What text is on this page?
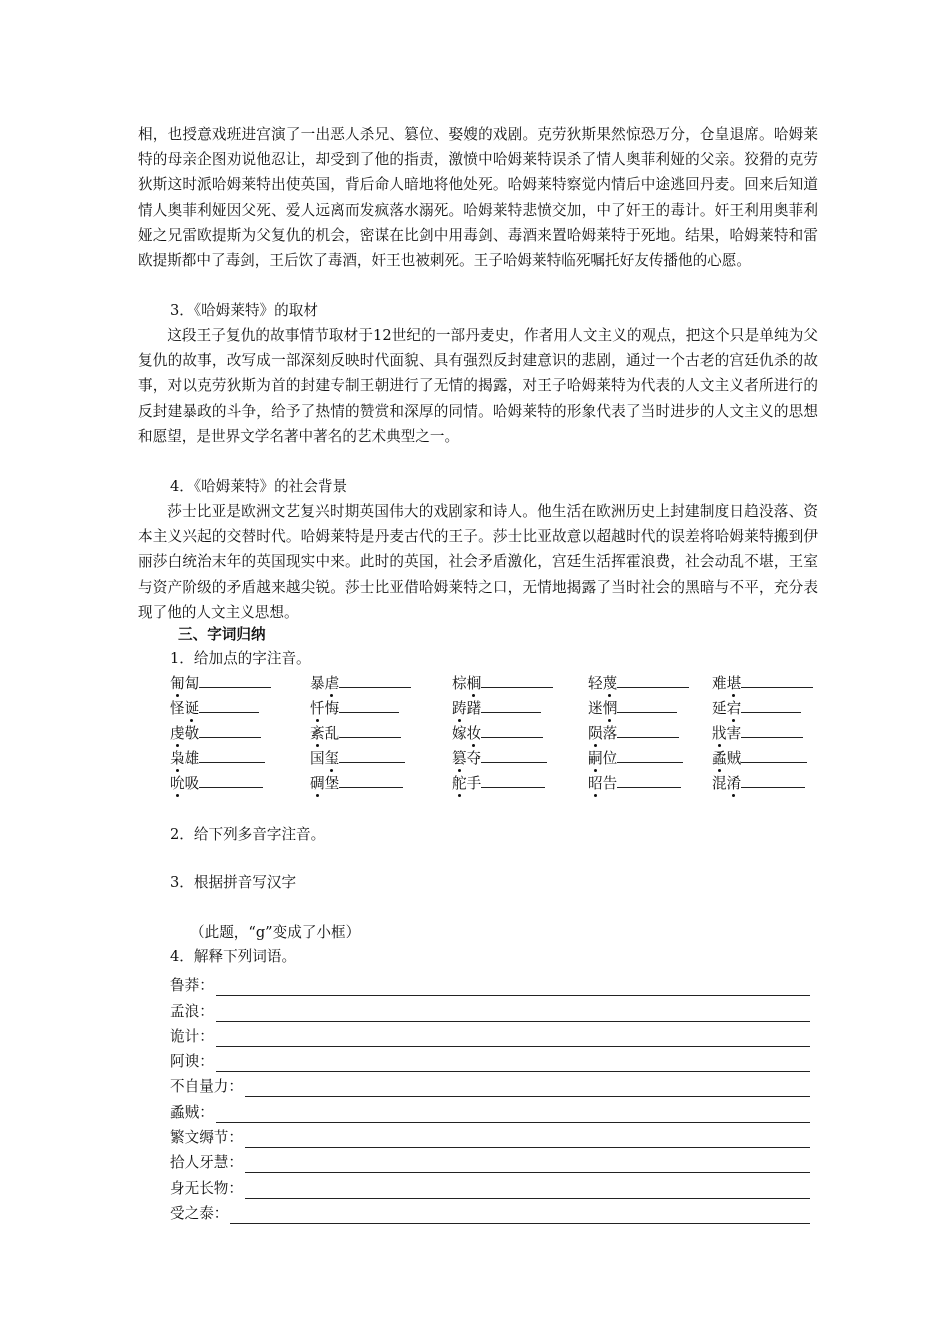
相，也授意戏班进宫演了一出恶人杀兄、篡位、娶嫂的戏剧。克劳狄斯果然惊恐万分，仓皇退席。哈姆莱特的母亲企图劝说他忍让，却受到了他的指责，激愤中哈姆莱特误杀了情人奥菲利娅的父亲。狡猾的克劳狄斯这时派哈姆莱特出使英国，背后命人暗地将他处死。哈姆莱特察觉内情后中途逃回丹麦。回来后知道情人奥菲利娅因父死、爱人远离而发疯落水溺死。哈姆莱特悲愤交加，中了奸王的毒计。奸王利用奥菲利娅之兄雷欧提斯为父复仇的机会，密谋在比剑中用毒剑、毒酒来置哈姆莱特于死地。结果，哈姆莱特和雷欧提斯都中了毒剑，王后饮了毒酒，奸王也被刺死。王子哈姆莱特临死嘱托好友传播他的心愿。

3．《哈姆莱特》的取材

这段王子复仇的故事情节取材于12世纪的一部丹麦史，作者用人文主义的观点，把这个只是单纯为父复仇的故事，改写成一部深刻反映时代面貌、具有强烈反封建意识的悲剧，通过一个古老的宫廷仇杀的故事，对以克劳狄斯为首的封建专制王朝进行了无情的揭露，对王子哈姆莱特为代表的人文主义者所进行的反封建暴政的斗争，给予了热情的赞赏和深厚的同情。哈姆莱特的形象代表了当时进步的人文主义的思想和愿望，是世界文学名著中著名的艺术典型之一。

4．《哈姆莱特》的社会背景

莎士比亚是欧洲文艺复兴时期英国伟大的戏剧家和诗人。他生活在欧洲历史上封建制度日趋没落、资本主义兴起的交替时代。哈姆莱特是丹麦古代的王子。莎士比亚故意以超越时代的误差将哈姆莱特搬到伊丽莎白统治末年的英国现实中来。此时的英国，社会矛盾激化，宫廷生活挥霍浪费，社会动乱不堪，王室与资产阶级的矛盾越来越尖锐。莎士比亚借哈姆莱特之口，无情地揭露了当时社会的黑暗与不平，充分表现了他的人文主义思想。

三、字词归纳

1．给加点的字注音。

匍匐	暴虐	棕榈	轻蔑	难堪
怪诞	忏悔	踌躇	迷惘	延宕
虔敬	紊乱	嫁妆	陨落	戕害
枭雄	国玺	篡夺	嗣位	蟊贼
吮吸	碉堡	舵手	昭告	混淆

2．给下列多音字注音。

3．根据拼音写汉字

（此题，“g”变成了小框）

4．解释下列词语。

鲁莽：
孟浪：
诡计：
阿谀：
不自量力：
蟊贼：
繁文缛节：
拾人牙慧：
身无长物：
受之泰：
